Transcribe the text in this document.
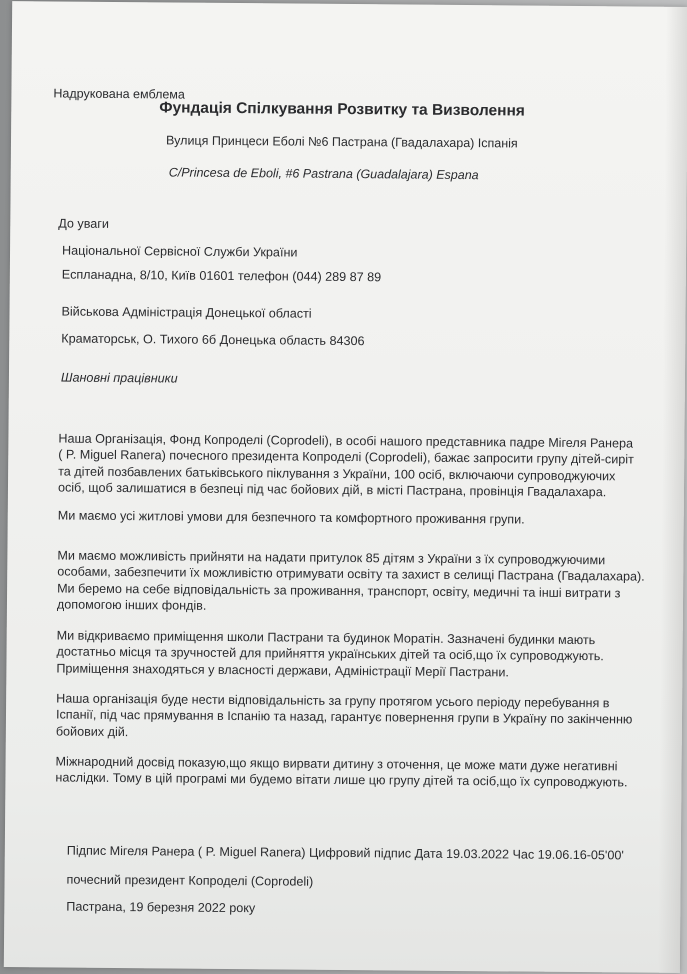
Надрукована емблема
Фундація Спілкування Розвитку та Визволення
Вулиця Принцеси Еболі №6 Пастрана (Гвадалахара) Іспанія
C/Princesa de Eboli, #6 Pastrana (Guadalajara) Espana
До уваги
Національної Сервісної Служби України
Еспланадна, 8/10, Київ 01601 телефон (044) 289 87 89
Військова Адміністрація Донецької області
Краматорськ, О. Тихого 6б Донецька область 84306
Шановні працівники
Наша Організація, Фонд Копроделі (Coprodeli), в особі нашого представника падре Мігеля Ранера
( P. Miguel Ranera) почесного президента Копроделі (Coprodeli), бажає запросити групу дітей-сиріт
та дітей позбавлених батьківського піклування з України, 100 осіб, включаючи супроводжуючих
осіб, щоб залишатися в безпеці під час бойових дій, в місті Пастрана, провінція Гвадалахара.
Ми маємо усі житлові умови для безпечного та комфортного проживання групи.
Ми маємо можливість прийняти на надати притулок 85 дітям з України з їх супроводжуючими
особами, забезпечити їх можливістю отримувати освіту та захист в селищі Пастрана (Гвадалахара).
Ми беремо на себе відповідальність за проживання, транспорт, освіту, медичні та інші витрати з
допомогою інших фондів.
Ми відкриваємо приміщення школи Пастрани та будинок Моратін. Зазначені будинки мають
достатньо місця та зручностей для прийняття українських дітей та осіб,що їх супроводжують.
Приміщення знаходяться у власності держави, Адміністрації Мерії Пастрани.
Наша організація буде нести відповідальність за групу протягом усього періоду перебування в
Іспанії, під час прямування в Іспанію та назад, гарантує повернення групи в Україну по закінченню
бойових дій.
Міжнародний досвід показую,що якщо вирвати дитину з оточення, це може мати дуже негативні
наслідки. Тому в цій програмі ми будемо вітати лише цю групу дітей та осіб,що їх супроводжують.
Підпис Мігеля Ранера ( P. Miguel Ranera) Цифровий підпис Дата 19.03.2022 Час 19.06.16-05'00'
почесний президент Копроделі (Coprodeli)
Пастрана, 19 березня 2022 року
